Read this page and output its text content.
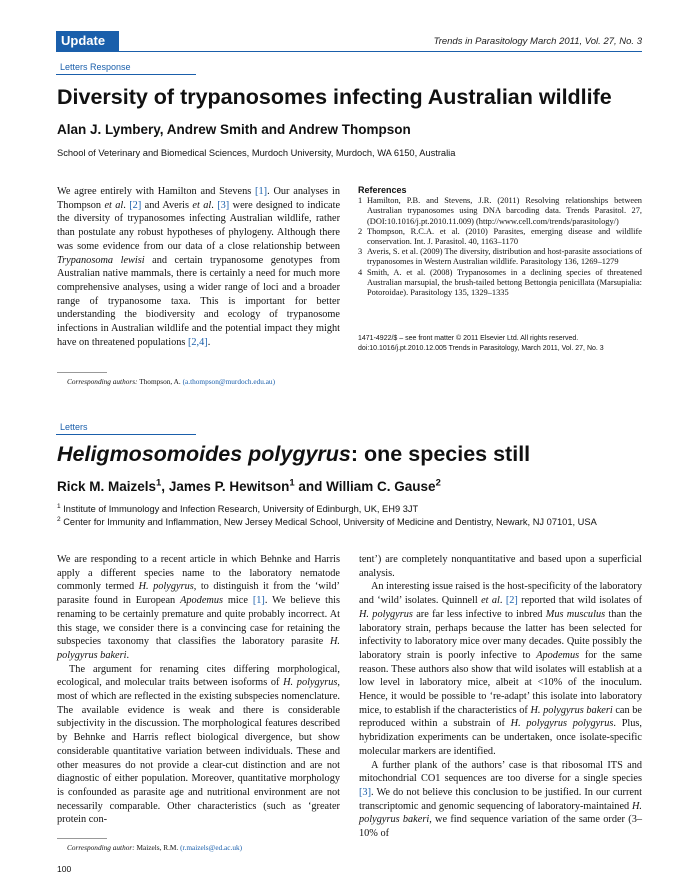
Update	Trends in Parasitology March 2011, Vol. 27, No. 3
Letters Response
Diversity of trypanosomes infecting Australian wildlife
Alan J. Lymbery, Andrew Smith and Andrew Thompson
School of Veterinary and Biomedical Sciences, Murdoch University, Murdoch, WA 6150, Australia

We agree entirely with Hamilton and Stevens [1]. Our analyses in Thompson et al. [2] and Averis et al. [3] were designed to indicate the diversity of trypanosomes infecting Australian wildlife, rather than postulate any robust hypotheses of phylogeny. Although there was some evidence from our data of a close relationship between Trypanosoma lewisi and certain trypanosome genotypes from Australian native mammals, there is certainly a need for much more comprehensive analyses, using a wider range of loci and a broader range of trypanosome taxa. This is important for better understanding the biodiversity and ecology of trypanosome infections in Australian wildlife and the potential impact they might have on threatened populations [2,4].

References
1 Hamilton, P.B. and Stevens, J.R. (2011) Resolving relationships between Australian trypanosomes using DNA barcoding data. Trends Parasitol. 27, (DOI:10.1016/j.pt.2010.11.009) (http://www.cell.com/trends/parasitology/)
2 Thompson, R.C.A. et al. (2010) Parasites, emerging disease and wildlife conservation. Int. J. Parasitol. 40, 1163–1170
3 Averis, S. et al. (2009) The diversity, distribution and host-parasite associations of trypanosomes in Western Australian wildlife. Parasitology 136, 1269–1279
4 Smith, A. et al. (2008) Trypanosomes in a declining species of threatened Australian marsupial, the brush-tailed bettong Bettongia penicillata (Marsupialia: Potoroidae). Parasitology 135, 1329–1335
1471-4922/$ – see front matter © 2011 Elsevier Ltd. All rights reserved.
doi:10.1016/j.pt.2010.12.005 Trends in Parasitology, March 2011, Vol. 27, No. 3
Corresponding authors: Thompson, A. (a.thompson@murdoch.edu.au)
Letters
Heligmosomoides polygyrus: one species still
Rick M. Maizels$^1$, James P. Hewitson$^1$ and William C. Gause$^2$
$^1$ Institute of Immunology and Infection Research, University of Edinburgh, UK, EH9 3JT
$^2$ Center for Immunity and Inflammation, New Jersey Medical School, University of Medicine and Dentistry, Newark, NJ 07101, USA

We are responding to a recent article in which Behnke and Harris apply a different species name to the laboratory nematode commonly termed H. polygyrus, to distinguish it from the ‘wild’ parasite found in European Apodemus mice [1]. We believe this renaming to be certainly premature and quite probably incorrect. At this stage, we consider there is a convincing case for retaining the subspecies taxonomy that classifies the laboratory parasite H. polygyrus bakeri.

The argument for renaming cites differing morphological, ecological, and molecular traits between isoforms of H. polygyrus, most of which are reflected in the existing subspecies nomenclature. The available evidence is weak and there is considerable subjectivity in the discussion. The morphological features described by Behnke and Harris reflect biological divergence, but show considerable quantitative variation between individuals. These and other measures do not provide a clear-cut distinction and are not diagnostic of either population. Moreover, quantitative morphology is confounded as parasite age and nutritional environment are not necessarily comparable. Other characteristics (such as ‘greater protein con-

tent’) are completely nonquantitative and based upon a superficial analysis.

An interesting issue raised is the host-specificity of the laboratory and ‘wild’ isolates. Quinnell et al. [2] reported that wild isolates of H. polygyrus are far less infective to inbred Mus musculus than the laboratory strain, perhaps because the latter has been selected for infectivity to laboratory mice over many decades. Quite possibly the laboratory strain is poorly infective to Apodemus for the same reason. These authors also show that wild isolates will establish at a low level in laboratory mice, albeit at <10% of the inoculum. Hence, it would be possible to ‘re-adapt’ this isolate into laboratory mice, to establish if the characteristics of H. polygyrus bakeri can be reproduced within a substrain of H. polygyrus polygyrus. Plus, hybridization experiments can be undertaken, once isolate-specific molecular markers are identified.

A further plank of the authors’ case is that ribosomal ITS and mitochondrial CO1 sequences are too diverse for a single species [3]. We do not believe this conclusion to be justified. In our current transcriptomic and genomic sequencing of laboratory-maintained H. polygyrus bakeri, we find sequence variation of the same order (3–10% of

Corresponding author: Maizels, R.M. (r.maizels@ed.ac.uk)
100
